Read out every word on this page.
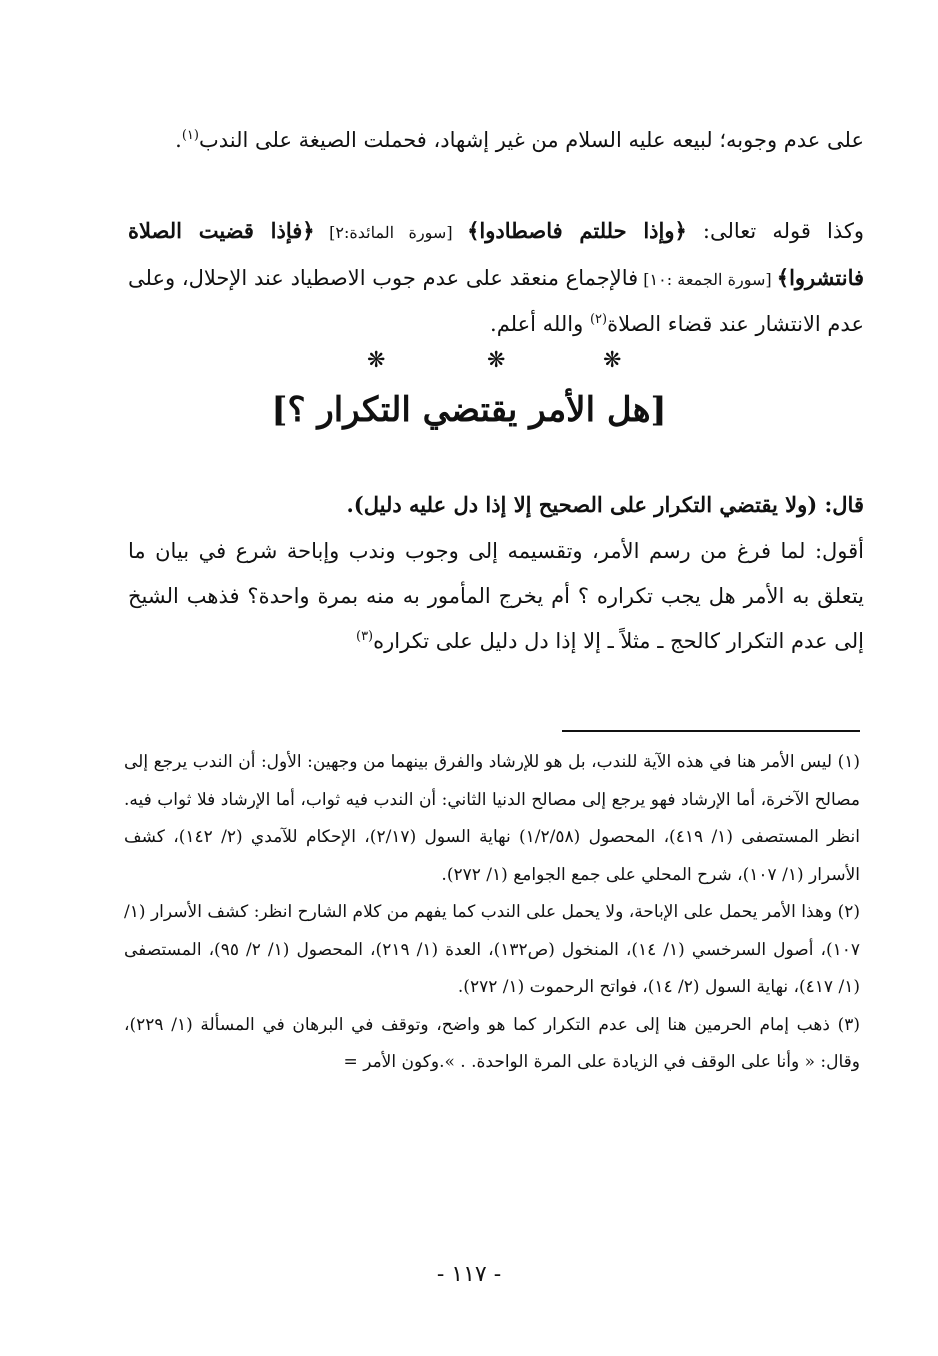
على عدم وجوبه؛ لبيعه عليه السلام من غير إشهاد، فحملت الصيغة على الندب$^{(١)}$.

وكذا قوله تعالى: ﴿وإذا حللتم فاصطادوا﴾ [سورة المائدة:٢] ﴿فإذا قضيت الصلاة فانتشروا﴾ [سورة الجمعة :١٠] فالإجماع منعقد على عدم جوب الاصطياد عند الإحلال، وعلى عدم الانتشار عند قضاء الصلاة$^{(٢)}$ والله أعلم.

❋	❋	❋
[هل الأمر يقتضي التكرار ؟]

قال: (ولا يقتضي التكرار على الصحيح إلا إذا دل عليه دليل).

أقول: لما فرغ من رسم الأمر، وتقسيمه إلى وجوب وندب وإباحة شرع في بيان ما يتعلق به الأمر هل يجب تكراره ؟ أم يخرج المأمور به منه بمرة واحدة؟ فذهب الشيخ إلى عدم التكرار كالحج ـ مثلاً ـ إلا إذا دل دليل على تكراره$^{(٣)}$

(١) ليس الأمر هنا في هذه الآية للندب، بل هو للإرشاد والفرق بينهما من وجهين: الأول: أن الندب يرجع إلى مصالح الآخرة، أما الإرشاد فهو يرجع إلى مصالح الدنيا الثاني: أن الندب فيه ثواب، أما الإرشاد فلا ثواب فيه. انظر المستصفى (١/ ٤١٩)، المحصول (١/٢/٥٨) نهاية السول (٢/١٧)، الإحكام للآمدي (٢/ ١٤٢)، كشف الأسرار (١/ ١٠٧)، شرح المحلي على جمع الجوامع (١/ ٢٧٢).

(٢) وهذا الأمر يحمل على الإباحة، ولا يحمل على الندب كما يفهم من كلام الشارح انظر: كشف الأسرار (١/ ١٠٧)، أصول السرخسي (١/ ١٤)، المنخول (ص١٣٢)، العدة (١/ ٢١٩)، المحصول (١/ ٢/ ٩٥)، المستصفى (١/ ٤١٧)، نهاية السول (٢/ ١٤)، فواتح الرحموت (١/ ٢٧٢).

(٣) ذهب إمام الحرمين هنا إلى عدم التكرار كما هو واضح، وتوقف في البرهان في المسألة (١/ ٢٢٩)، وقال: « وأنا على الوقف في الزيادة على المرة الواحدة. . ».وكون الأمر =

- ١١٧ -
